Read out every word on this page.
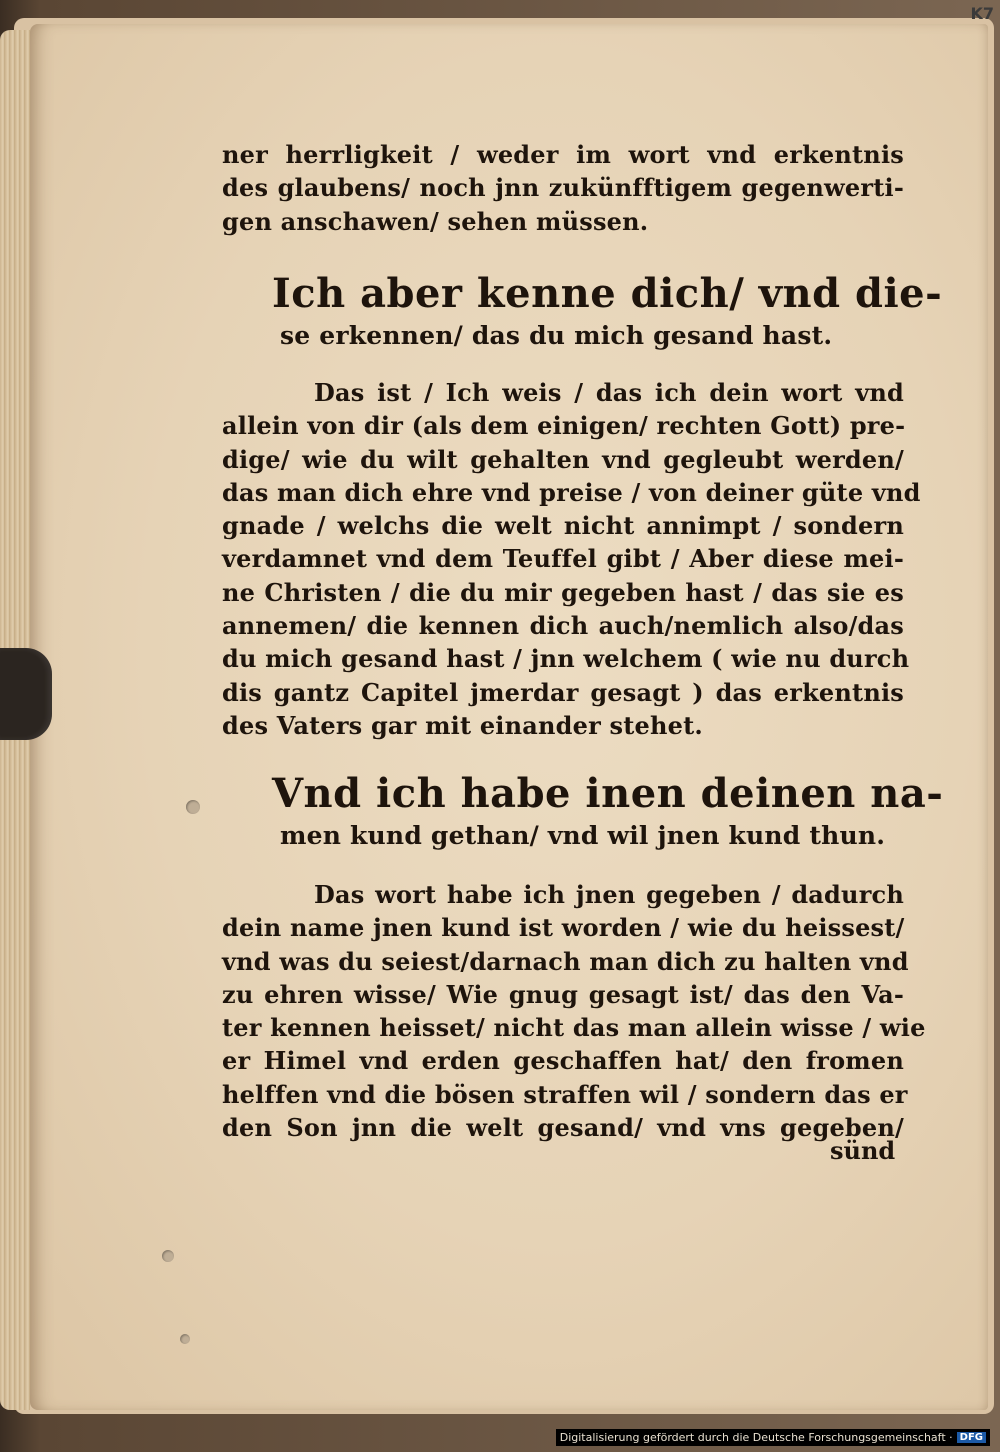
K7
ner herrligkeit / weder im wort vnd erkentnis
des glaubens/ noch jnn zukünfftigem gegenwerti-
gen anschawen/ sehen müssen.
Ich aber kenne dich/ vnd die-
se erkennen/ das du mich gesand hast.
Das ist / Ich weis / das ich dein wort vnd
allein von dir (als dem einigen/ rechten Gott) pre-
dige/ wie du wilt gehalten vnd gegleubt werden/
das man dich ehre vnd preise / von deiner güte vnd
gnade / welchs die welt nicht annimpt / sondern
verdamnet vnd dem Teuffel gibt / Aber diese mei-
ne Christen / die du mir gegeben hast / das sie es
annemen/ die kennen dich auch/nemlich also/das
du mich gesand hast / jnn welchem ( wie nu durch
dis gantz Capitel jmerdar gesagt ) das erkentnis
des Vaters gar mit einander stehet.
Vnd ich habe inen deinen na-
men kund gethan/ vnd wil jnen kund thun.
Das wort habe ich jnen gegeben / dadurch
dein name jnen kund ist worden / wie du heissest/
vnd was du seiest/darnach man dich zu halten vnd
zu ehren wisse/ Wie gnug gesagt ist/ das den Va-
ter kennen heisset/ nicht das man allein wisse / wie
er Himel vnd erden geschaffen hat/ den fromen
helffen vnd die bösen straffen wil / sondern das er
den Son jnn die welt gesand/ vnd vns gegeben/
sünd
Digitalisierung gefördert durch die Deutsche Forschungsgemeinschaft · DFG
